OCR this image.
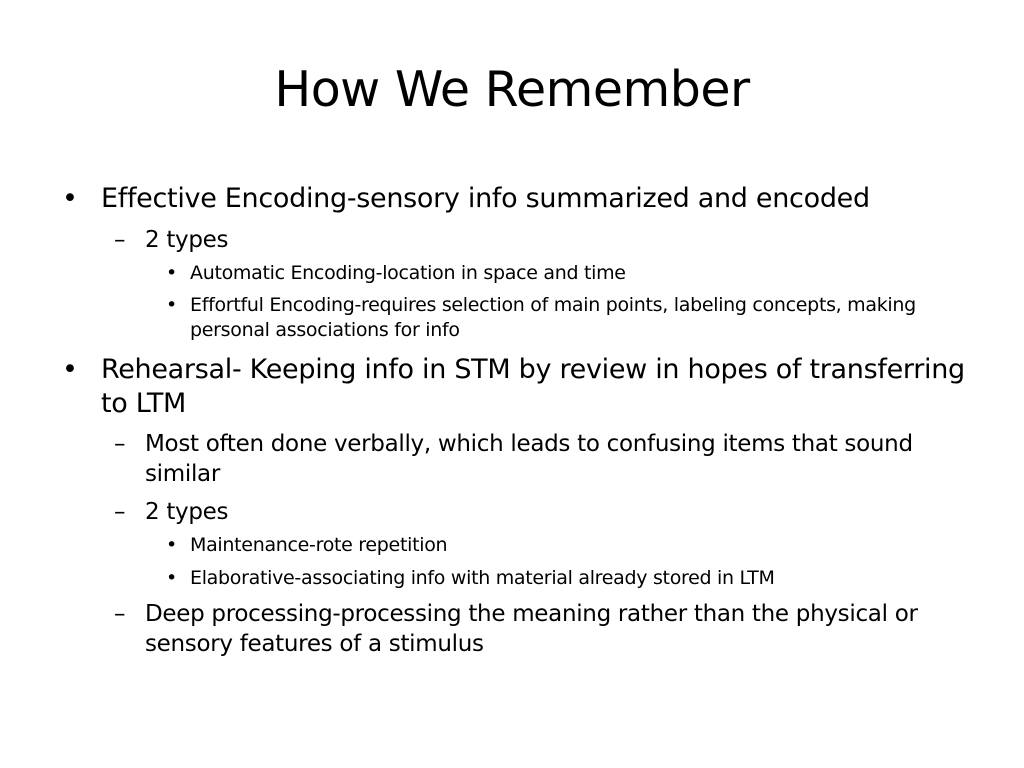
How We Remember
• Effective Encoding-sensory info summarized and encoded
– 2 types
• Automatic Encoding-location in space and time
• Effortful Encoding-requires selection of main points, labeling concepts, making personal associations for info
• Rehearsal- Keeping info in STM by review in hopes of transferring to LTM
– Most often done verbally, which leads to confusing items that sound similar
– 2 types
• Maintenance-rote repetition
• Elaborative-associating info with material already stored in LTM
– Deep processing-processing the meaning rather than the physical or sensory features of a stimulus
